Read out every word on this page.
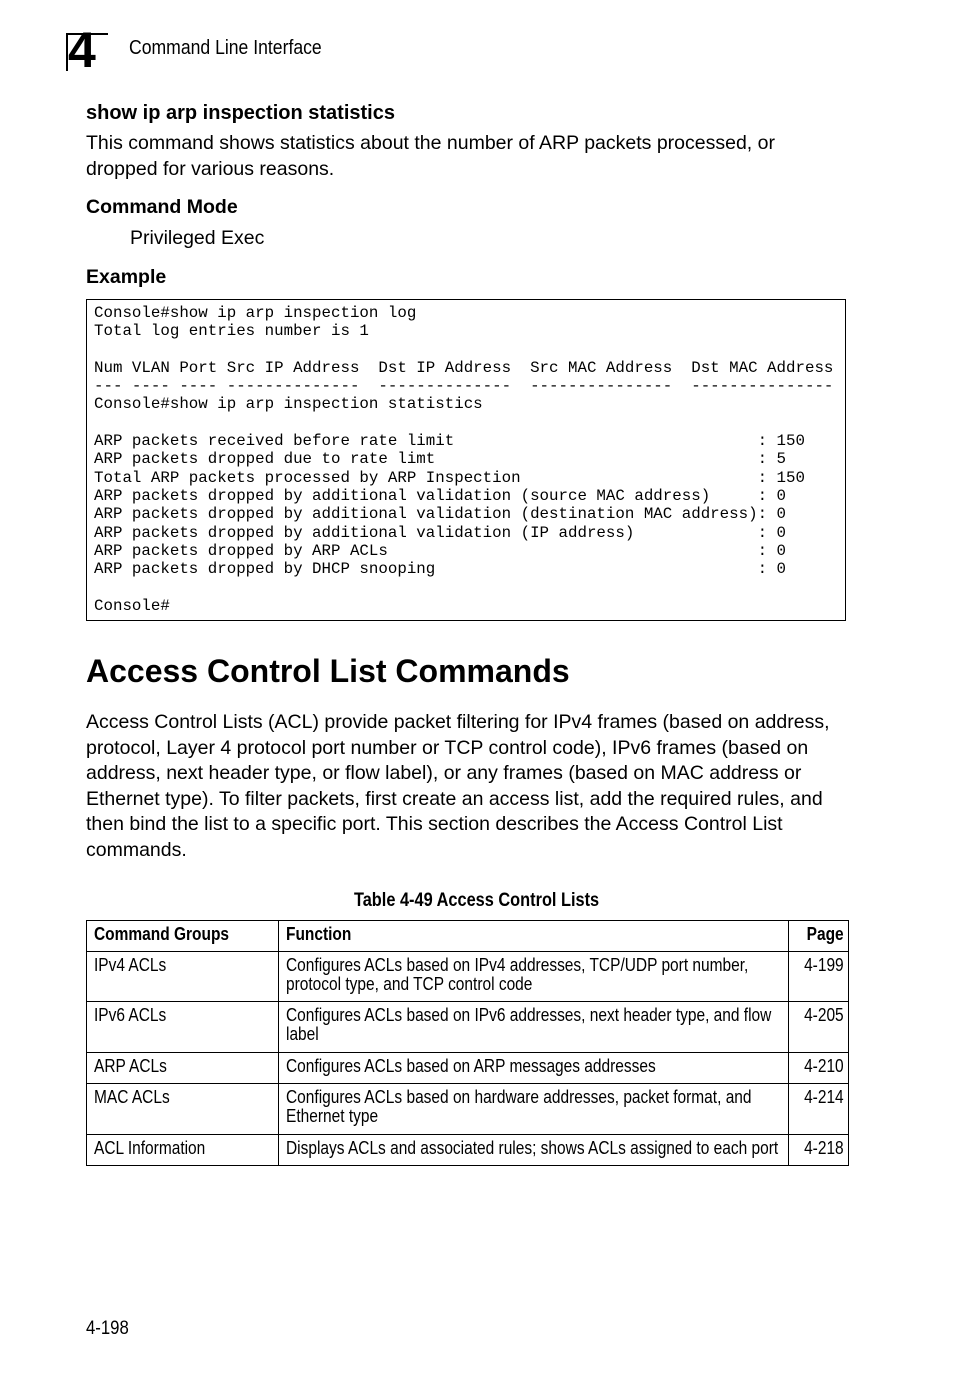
4	Command Line Interface
show ip arp inspection statistics
This command shows statistics about the number of ARP packets processed, or dropped for various reasons.
Command Mode
Privileged Exec
Example
Console#show ip arp inspection log
Total log entries number is 1

Num VLAN Port Src IP Address  Dst IP Address  Src MAC Address  Dst MAC Address
--- ---- ---- --------------  --------------  ---------------  ---------------
Console#show ip arp inspection statistics

ARP packets received before rate limit                                : 150
ARP packets dropped due to rate limt                                  : 5
Total ARP packets processed by ARP Inspection                         : 150
ARP packets dropped by additional validation (source MAC address)     : 0
ARP packets dropped by additional validation (destination MAC address): 0
ARP packets dropped by additional validation (IP address)             : 0
ARP packets dropped by ARP ACLs                                       : 0
ARP packets dropped by DHCP snooping                                  : 0

Console#
Access Control List Commands
Access Control Lists (ACL) provide packet filtering for IPv4 frames (based on address, protocol, Layer 4 protocol port number or TCP control code), IPv6 frames (based on address, next header type, or flow label), or any frames (based on MAC address or Ethernet type). To filter packets, first create an access list, add the required rules, and then bind the list to a specific port. This section describes the Access Control List commands.
Table 4-49 Access Control Lists
Command Groups	Function	Page

IPv4 ACLs	Configures ACLs based on IPv4 addresses, TCP/UDP port number, protocol type, and TCP control code	4-199

IPv6 ACLs	Configures ACLs based on IPv6 addresses, next header type, and flow label	4-205

ARP ACLs	Configures ACLs based on ARP messages addresses	4-210

MAC ACLs	Configures ACLs based on hardware addresses, packet format, and Ethernet type	4-214

ACL Information	Displays ACLs and associated rules; shows ACLs assigned to each port	4-218
4-198
